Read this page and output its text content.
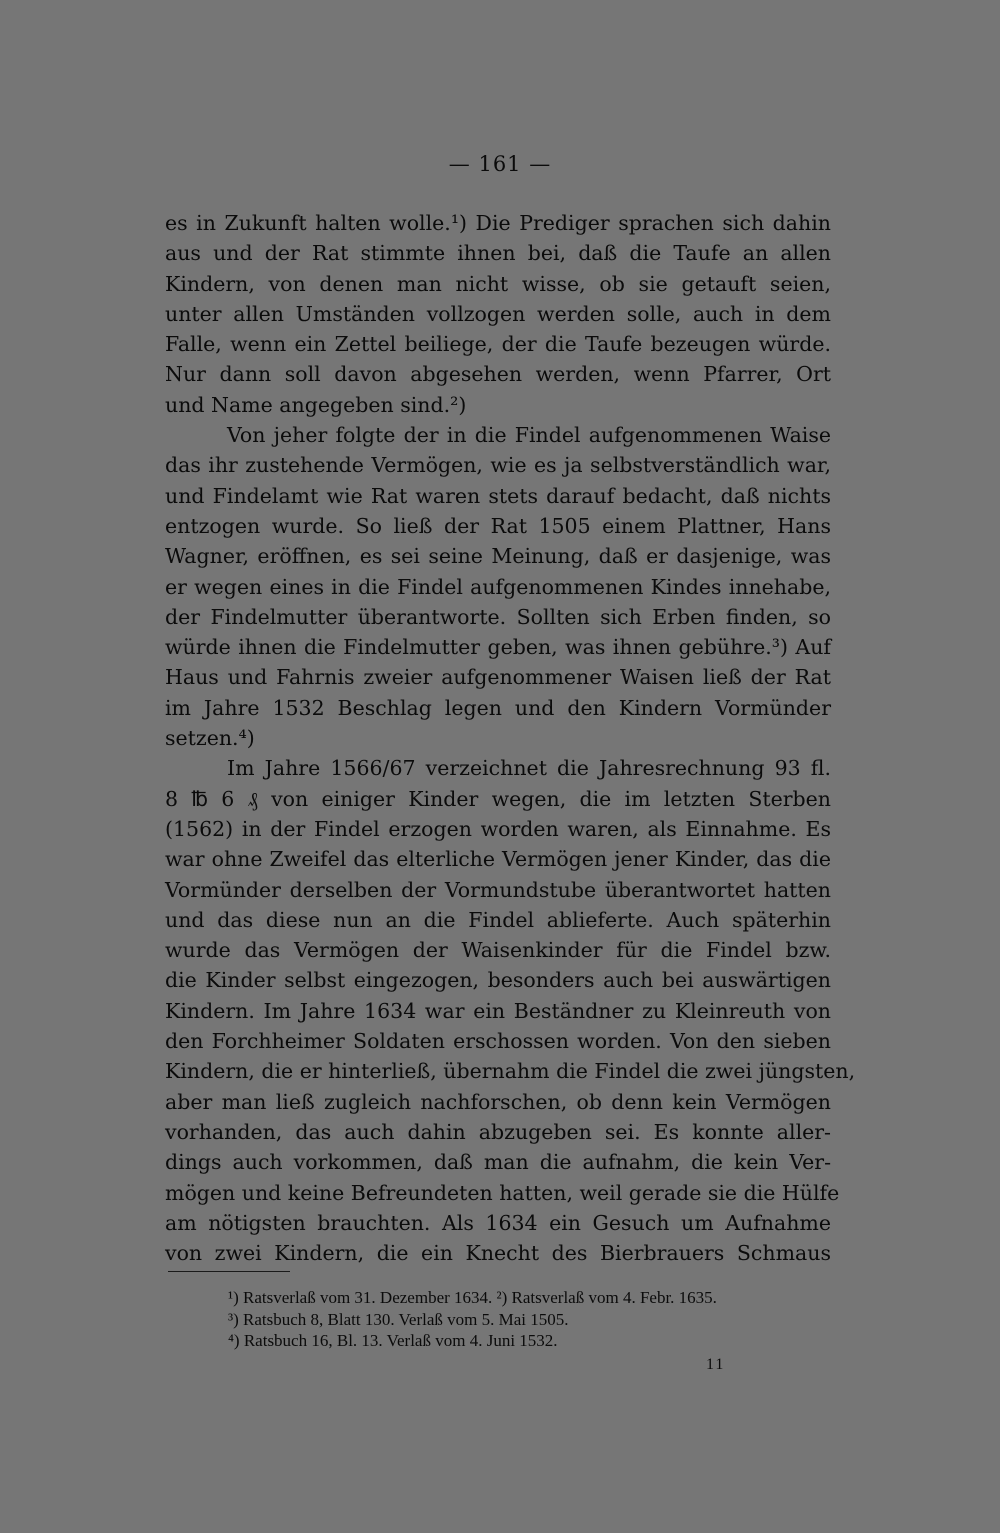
— 161 —
es in Zukunft halten wolle.¹) Die Prediger sprachen sich dahin
aus und der Rat stimmte ihnen bei, daß die Taufe an allen
Kindern, von denen man nicht wisse, ob sie getauft seien,
unter allen Umständen vollzogen werden solle, auch in dem
Falle, wenn ein Zettel beiliege, der die Taufe bezeugen würde.
Nur dann soll davon abgesehen werden, wenn Pfarrer, Ort
und Name angegeben sind.²)
Von jeher folgte der in die Findel aufgenommenen Waise
das ihr zustehende Vermögen, wie es ja selbstverständlich war,
und Findelamt wie Rat waren stets darauf bedacht, daß nichts
entzogen wurde. So ließ der Rat 1505 einem Plattner, Hans
Wagner, eröffnen, es sei seine Meinung, daß er dasjenige, was
er wegen eines in die Findel aufgenommenen Kindes innehabe,
der Findelmutter überantworte. Sollten sich Erben finden, so
würde ihnen die Findelmutter geben, was ihnen gebühre.³) Auf
Haus und Fahrnis zweier aufgenommener Waisen ließ der Rat
im Jahre 1532 Beschlag legen und den Kindern Vormünder
setzen.⁴)
Im Jahre 1566/67 verzeichnet die Jahresrechnung 93 fl.
8 ℔ 6 ₰ von einiger Kinder wegen, die im letzten Sterben
(1562) in der Findel erzogen worden waren, als Einnahme. Es
war ohne Zweifel das elterliche Vermögen jener Kinder, das die
Vormünder derselben der Vormundstube überantwortet hatten
und das diese nun an die Findel ablieferte. Auch späterhin
wurde das Vermögen der Waisenkinder für die Findel bzw.
die Kinder selbst eingezogen, besonders auch bei auswärtigen
Kindern. Im Jahre 1634 war ein Beständner zu Kleinreuth von
den Forchheimer Soldaten erschossen worden. Von den sieben
Kindern, die er hinterließ, übernahm die Findel die zwei jüngsten,
aber man ließ zugleich nachforschen, ob denn kein Vermögen
vorhanden, das auch dahin abzugeben sei. Es konnte aller-
dings auch vorkommen, daß man die aufnahm, die kein Ver-
mögen und keine Befreundeten hatten, weil gerade sie die Hülfe
am nötigsten brauchten. Als 1634 ein Gesuch um Aufnahme
von zwei Kindern, die ein Knecht des Bierbrauers Schmaus
¹) Ratsverlaß vom 31. Dezember 1634. ²) Ratsverlaß vom 4. Febr. 1635.
³) Ratsbuch 8, Blatt 130. Verlaß vom 5. Mai 1505.
⁴) Ratsbuch 16, Bl. 13. Verlaß vom 4. Juni 1532.
11
